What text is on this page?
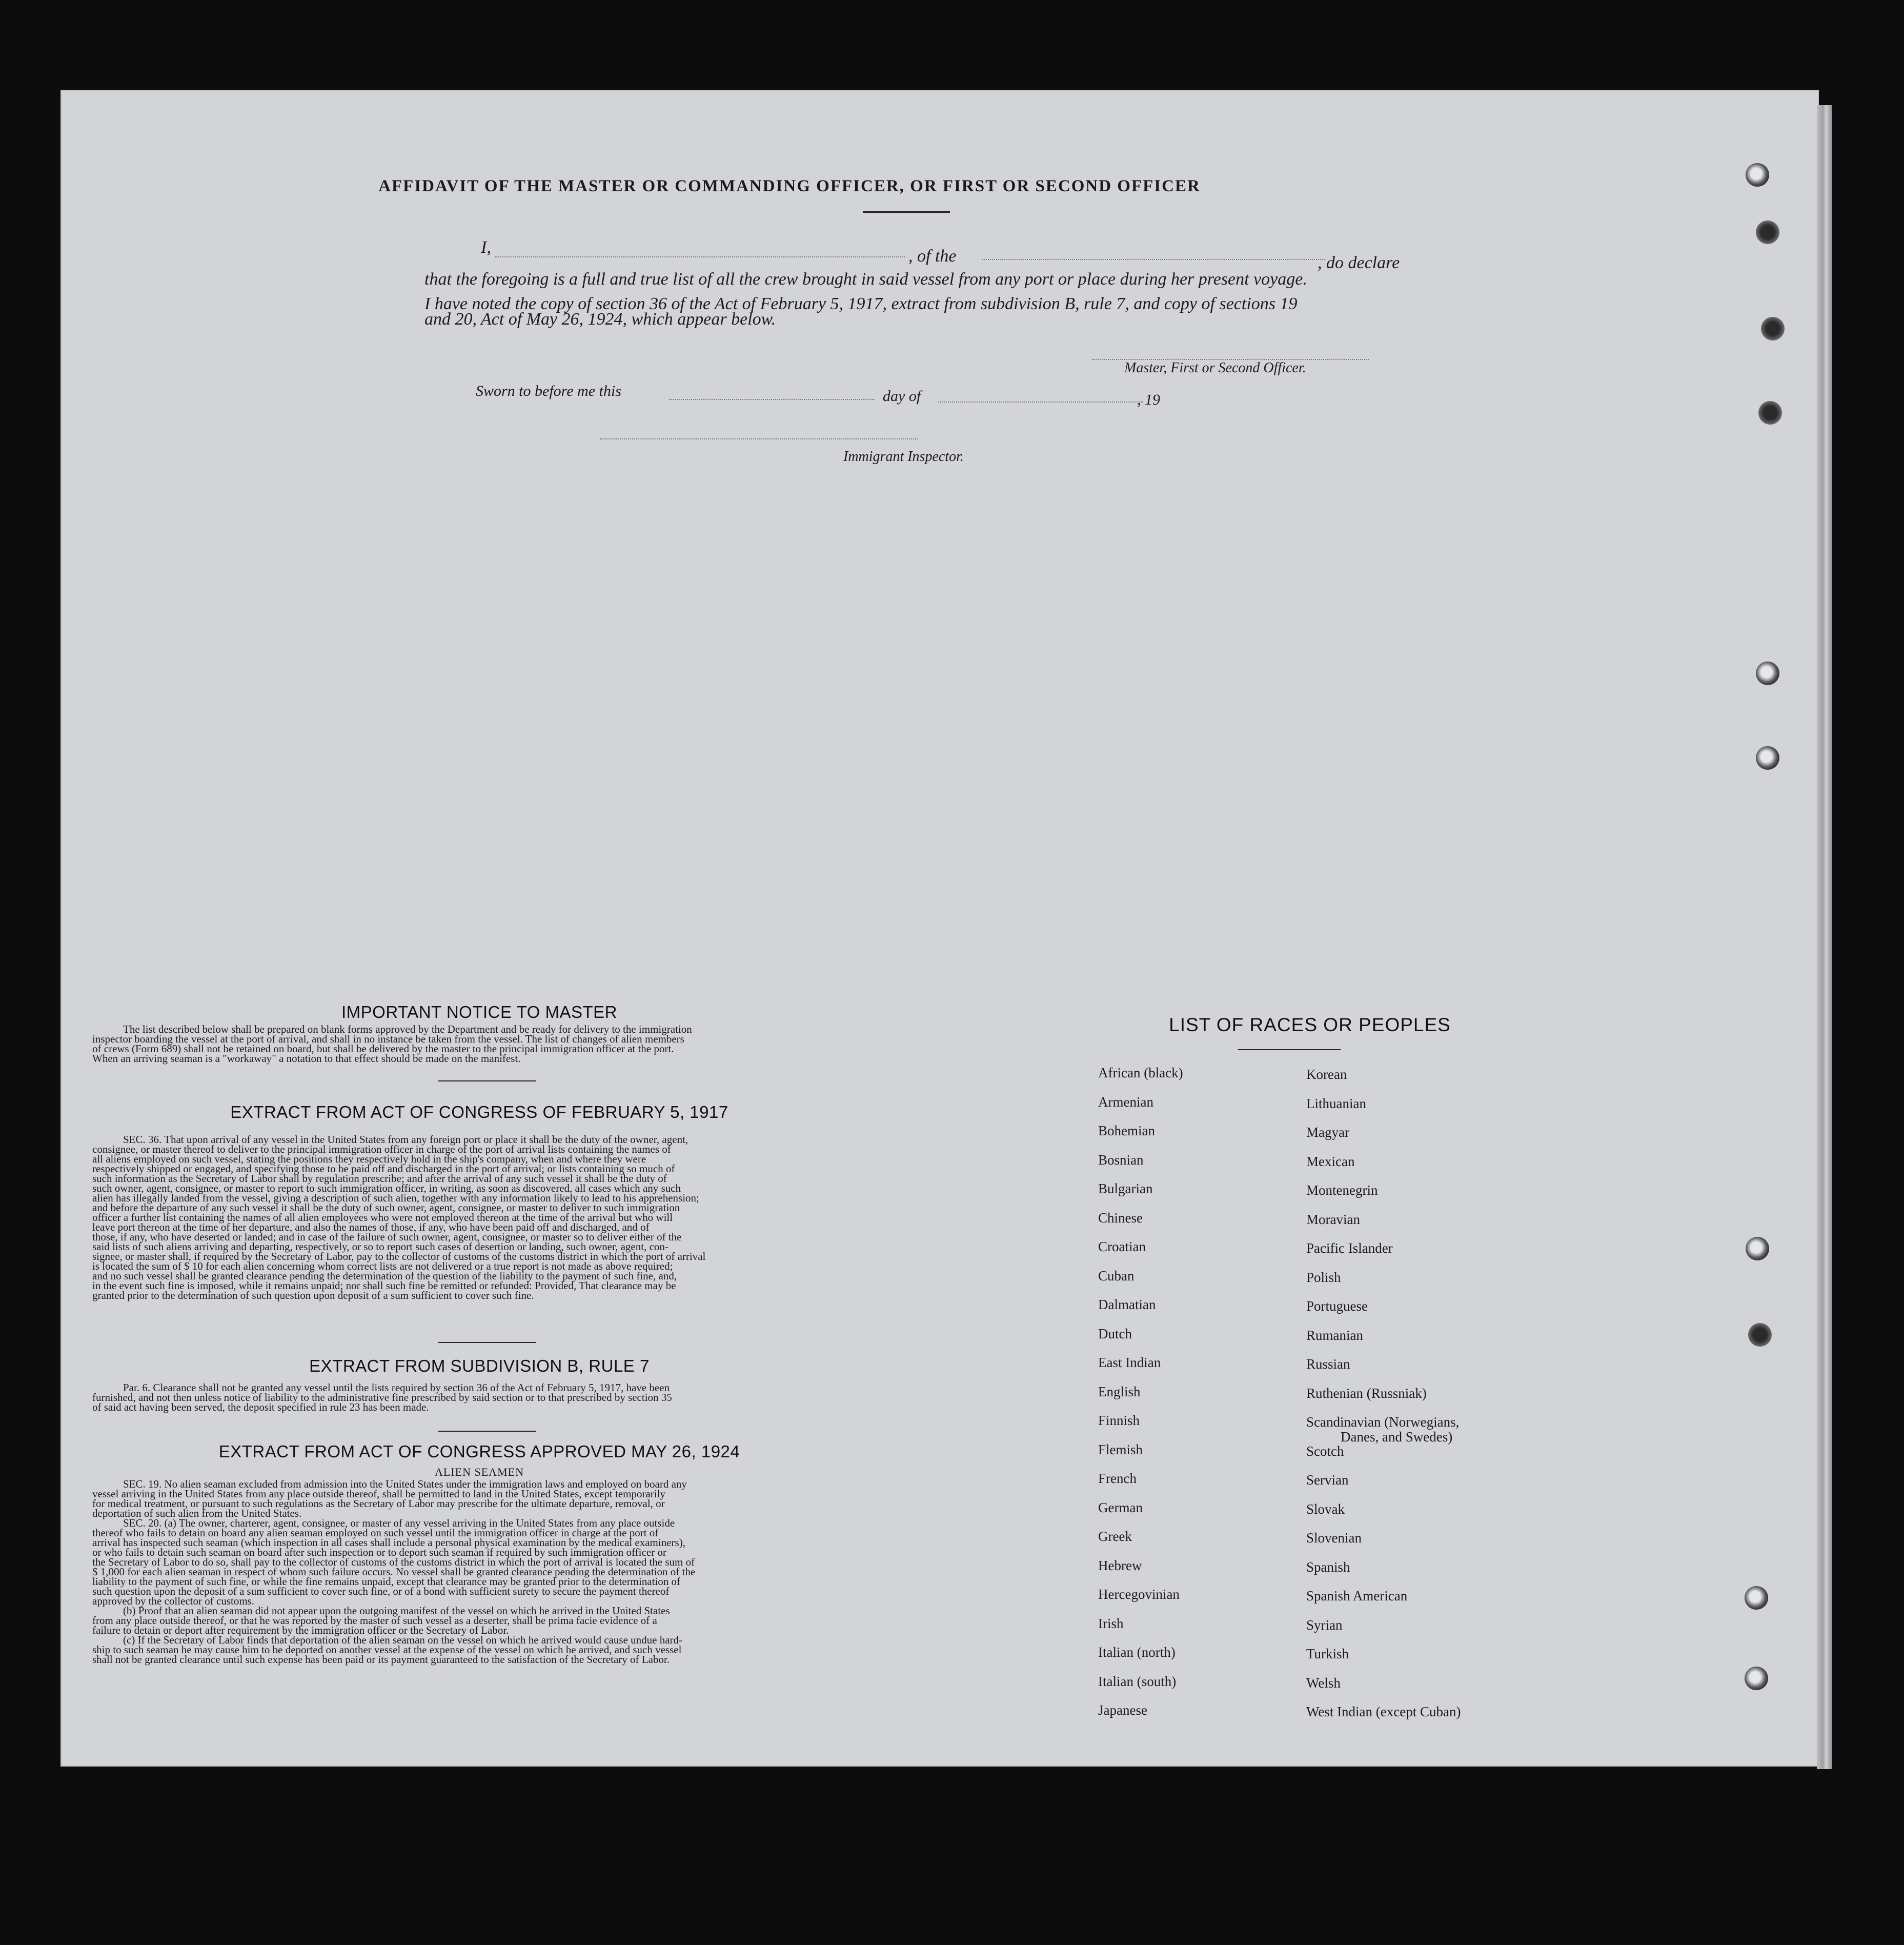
AFFIDAVIT OF THE MASTER OR COMMANDING OFFICER, OR FIRST OR SECOND OFFICER
I,	, of the	, do declare
that the foregoing is a full and true list of all the crew brought in said vessel from any port or place during her present voyage.
I have noted the copy of section 36 of the Act of February 5, 1917, extract from subdivision B, rule 7, and copy of sections 19
and 20, Act of May 26, 1924, which appear below.
Master, First or Second Officer.
Sworn to before me this	day of	, 19
Immigrant Inspector.
IMPORTANT NOTICE TO MASTER

The list described below shall be prepared on blank forms approved by the Department and be ready for delivery to the immigration

inspector boarding the vessel at the port of arrival, and shall in no instance be taken from the vessel. The list of changes of alien members

of crews (Form 689) shall not be retained on board, but shall be delivered by the master to the principal immigration officer at the port.

When an arriving seaman is a "workaway" a notation to that effect should be made on the manifest.

EXTRACT FROM ACT OF CONGRESS OF FEBRUARY 5, 1917

SEC. 36. That upon arrival of any vessel in the United States from any foreign port or place it shall be the duty of the owner, agent,

consignee, or master thereof to deliver to the principal immigration officer in charge of the port of arrival lists containing the names of

all aliens employed on such vessel, stating the positions they respectively hold in the ship's company, when and where they were

respectively shipped or engaged, and specifying those to be paid off and discharged in the port of arrival; or lists containing so much of

such information as the Secretary of Labor shall by regulation prescribe; and after the arrival of any such vessel it shall be the duty of

such owner, agent, consignee, or master to report to such immigration officer, in writing, as soon as discovered, all cases which any such

alien has illegally landed from the vessel, giving a description of such alien, together with any information likely to lead to his apprehension;

and before the departure of any such vessel it shall be the duty of such owner, agent, consignee, or master to deliver to such immigration

officer a further list containing the names of all alien employees who were not employed thereon at the time of the arrival but who will

leave port thereon at the time of her departure, and also the names of those, if any, who have been paid off and discharged, and of

those, if any, who have deserted or landed; and in case of the failure of such owner, agent, consignee, or master so to deliver either of the

said lists of such aliens arriving and departing, respectively, or so to report such cases of desertion or landing, such owner, agent, con-

signee, or master shall, if required by the Secretary of Labor, pay to the collector of customs of the customs district in which the port of arrival

is located the sum of $ 10 for each alien concerning whom correct lists are not delivered or a true report is not made as above required;

and no such vessel shall be granted clearance pending the determination of the question of the liability to the payment of such fine, and,

in the event such fine is imposed, while it remains unpaid; nor shall such fine be remitted or refunded: Provided, That clearance may be

granted prior to the determination of such question upon deposit of a sum sufficient to cover such fine.

EXTRACT FROM SUBDIVISION B, RULE 7

Par. 6. Clearance shall not be granted any vessel until the lists required by section 36 of the Act of February 5, 1917, have been

furnished, and not then unless notice of liability to the administrative fine prescribed by said section or to that prescribed by section 35

of said act having been served, the deposit specified in rule 23 has been made.

EXTRACT FROM ACT OF CONGRESS APPROVED MAY 26, 1924
ALIEN SEAMEN

SEC. 19. No alien seaman excluded from admission into the United States under the immigration laws and employed on board any

vessel arriving in the United States from any place outside thereof, shall be permitted to land in the United States, except temporarily

for medical treatment, or pursuant to such regulations as the Secretary of Labor may prescribe for the ultimate departure, removal, or

deportation of such alien from the United States.

SEC. 20. (a) The owner, charterer, agent, consignee, or master of any vessel arriving in the United States from any place outside

thereof who fails to detain on board any alien seaman employed on such vessel until the immigration officer in charge at the port of

arrival has inspected such seaman (which inspection in all cases shall include a personal physical examination by the medical examiners),

or who fails to detain such seaman on board after such inspection or to deport such seaman if required by such immigration officer or

the Secretary of Labor to do so, shall pay to the collector of customs of the customs district in which the port of arrival is located the sum of

$ 1,000 for each alien seaman in respect of whom such failure occurs. No vessel shall be granted clearance pending the determination of the

liability to the payment of such fine, or while the fine remains unpaid, except that clearance may be granted prior to the determination of

such question upon the deposit of a sum sufficient to cover such fine, or of a bond with sufficient surety to secure the payment thereof

approved by the collector of customs.

(b) Proof that an alien seaman did not appear upon the outgoing manifest of the vessel on which he arrived in the United States

from any place outside thereof, or that he was reported by the master of such vessel as a deserter, shall be prima facie evidence of a

failure to detain or deport after requirement by the immigration officer or the Secretary of Labor.

(c) If the Secretary of Labor finds that deportation of the alien seaman on the vessel on which he arrived would cause undue hard-

ship to such seaman he may cause him to be deported on another vessel at the expense of the vessel on which he arrived, and such vessel

shall not be granted clearance until such expense has been paid or its payment guaranteed to the satisfaction of the Secretary of Labor.

LIST OF RACES OR PEOPLES
African (black)
Armenian
Bohemian
Bosnian
Bulgarian
Chinese
Croatian
Cuban
Dalmatian
Dutch
East Indian
English
Finnish
Flemish
French
German
Greek
Hebrew
Hercegovinian
Irish
Italian (north)
Italian (south)
Japanese
Korean
Lithuanian
Magyar
Mexican
Montenegrin
Moravian
Pacific Islander
Polish
Portuguese
Rumanian
Russian
Ruthenian (Russniak)
Scandinavian (Norwegians,
Scotch
Servian
Slovak
Slovenian
Spanish
Spanish American
Syrian
Turkish
Welsh
West Indian (except Cuban)
Danes, and Swedes)
